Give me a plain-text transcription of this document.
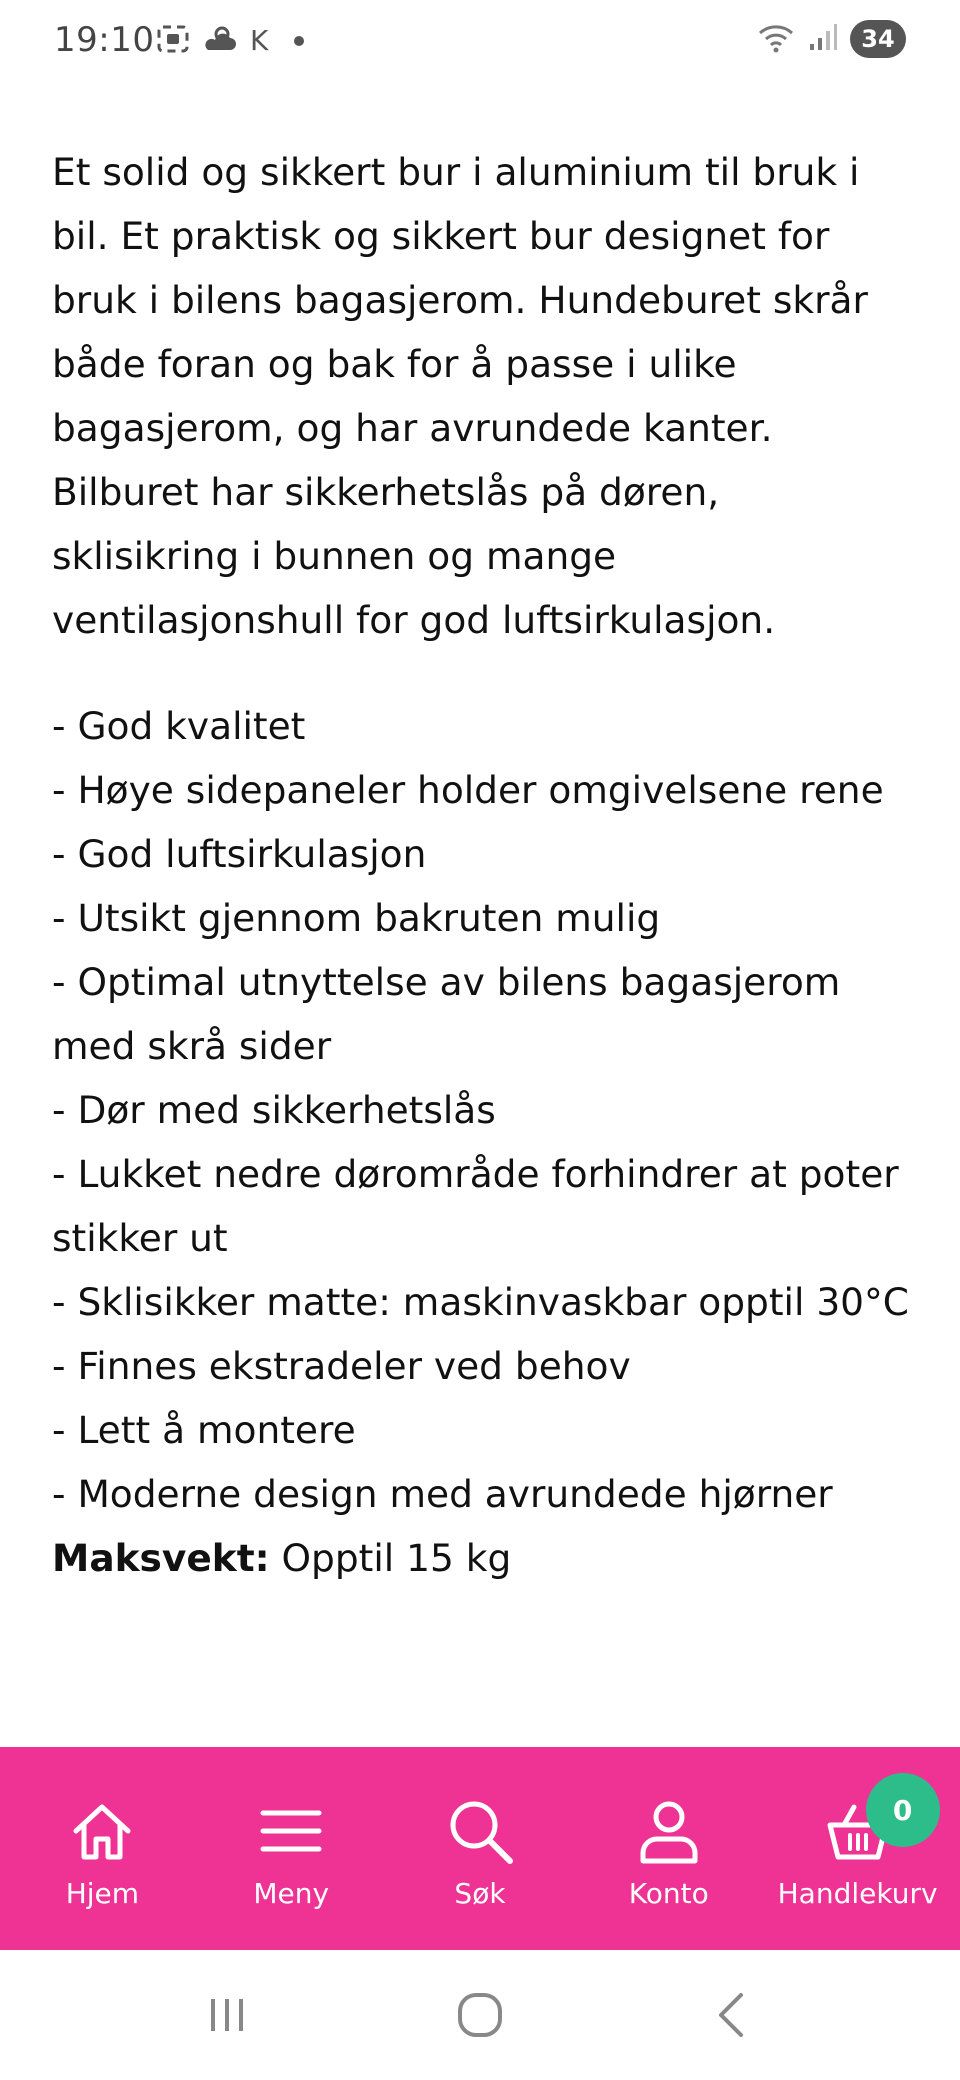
19:10	K	34

Et solid og sikkert bur i aluminium til bruk i bil. Et praktisk og sikkert bur designet for bruk i bilens bagasjerom. Hundeburet skrår både foran og bak for å passe i ulike bagasjerom, og har avrundede kanter. Bilburet har sikkerhetslås på døren, sklisikring i bunnen og mange ventilasjonshull for god luftsirkulasjon.

- God kvalitet
- Høye sidepaneler holder omgivelsene rene
- God luftsirkulasjon
- Utsikt gjennom bakruten mulig
- Optimal utnyttelse av bilens bagasjerom med skrå sider
- Dør med sikkerhetslås
- Lukket nedre dørområde forhindrer at poter stikker ut
- Sklisikker matte: maskinvaskbar opptil 30°C
- Finnes ekstradeler ved behov
- Lett å montere
- Moderne design med avrundede hjørner

Maksvekt: Opptil 15 kg

Hjem	Meny	Søk	Konto
0
Handlekurv
